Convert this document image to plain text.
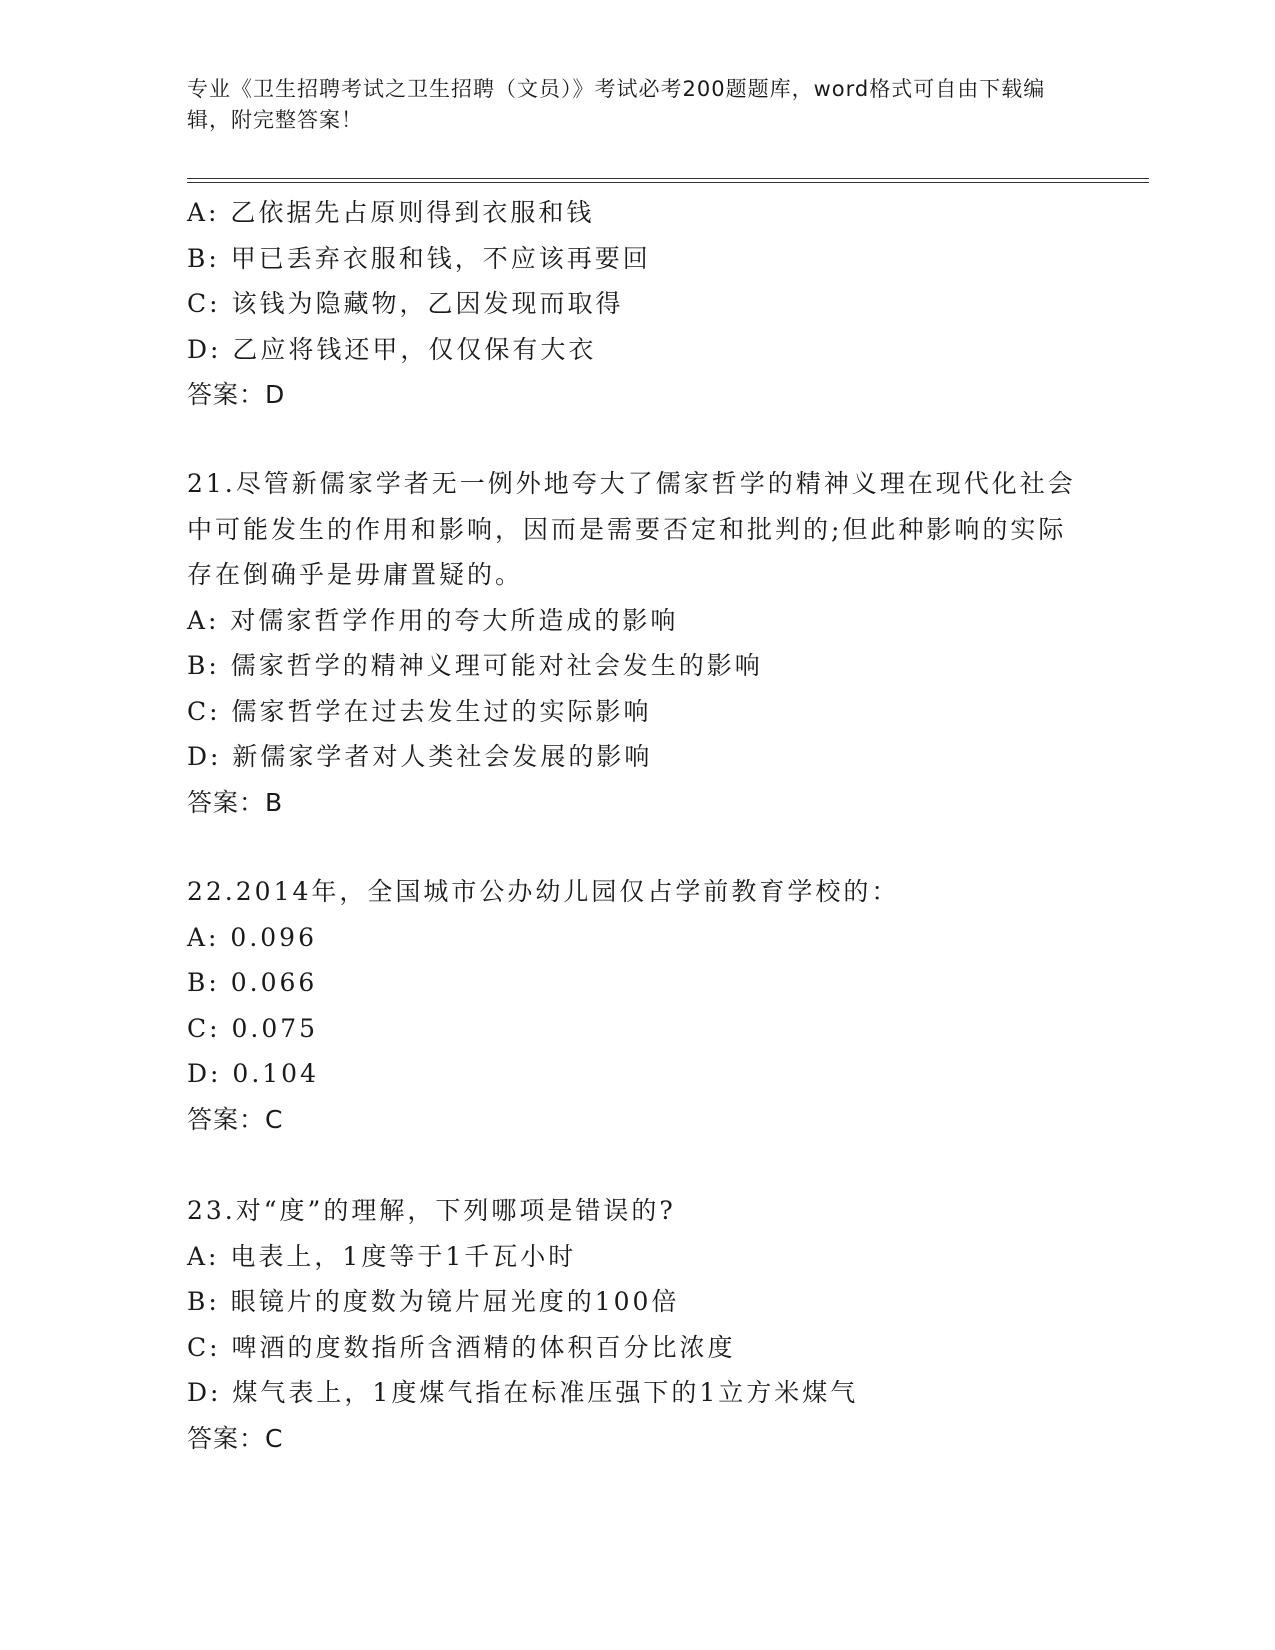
专业《卫生招聘考试之卫生招聘（文员）》考试必考200题题库，word格式可自由下载编辑，附完整答案！
A: 乙依据先占原则得到衣服和钱
B: 甲已丢弃衣服和钱，不应该再要回
C: 该钱为隐藏物，乙因发现而取得
D: 乙应将钱还甲，仅仅保有大衣
答案：D
21.尽管新儒家学者无一例外地夸大了儒家哲学的精神义理在现代化社会中可能发生的作用和影响，因而是需要否定和批判的;但此种影响的实际存在倒确乎是毋庸置疑的。
A: 对儒家哲学作用的夸大所造成的影响
B: 儒家哲学的精神义理可能对社会发生的影响
C: 儒家哲学在过去发生过的实际影响
D: 新儒家学者对人类社会发展的影响
答案：B
22.2014年，全国城市公办幼儿园仅占学前教育学校的：
A: 0.096
B: 0.066
C: 0.075
D: 0.104
答案：C
23.对“度”的理解，下列哪项是错误的?
A: 电表上，1度等于1千瓦小时
B: 眼镜片的度数为镜片屈光度的100倍
C: 啤酒的度数指所含酒精的体积百分比浓度
D: 煤气表上，1度煤气指在标准压强下的1立方米煤气
答案：C
